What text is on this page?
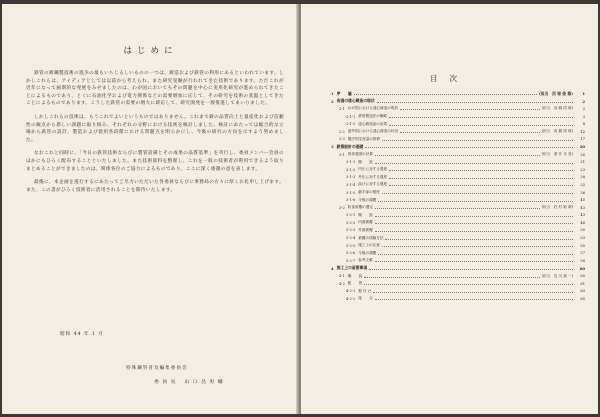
はじめに

鉄管の鋳鋼製技術の進歩の最もいちじるしいものの一つは、鋳造および鉄管の利用にあるといわれています。しかしこれらは、アイディアとしては以前から考えられ、また研究実験が行われてきた技術であります。ただこれが近年になって画期的な発展をみせましたのは、わが国においてもその問題を中心に実用化研究が進められてきたことによるものであり、とくに石油化学および電力関係などの需要増加に応じて、その研究を技術の基盤としてきたことによるものであります。こうした鉄管の需要の増大に即応して、研究開発を一層推進してまいりました。

しかしこれらの技術は、もうこれでよいというものではありません。これまで鋳の品質向上と量産化および信頼性の観点から新しい課題に取り組み、それぞれの分野における技術を検討しました。検討にあたっては総合的な立場から鉄管の設計、製造および使用各段階における問題点を明らかにし、今後の研究の方向を示すよう努めました。

なおこれと同時に、「今日の鉄管技術ならびに製管設備とその成果の品質基準」を刊行し、委員メンバー会員のほかにもひろく配布することといたしました。また技術資料を整理し、これを一般の技術者が利用できるよう取りまとめることができましたのは、関係各位のご協力によるものであり、ここに深く感謝の意を表します。

最後に、本企画を遂行するにあたってご尽力いただいた各委員ならびに事務局の方々に厚くお礼申し上げます。また、この書がひろく技術者に活用されることを期待いたします。

昭和 44 年 1 月
特殊鋼管普及編集委員会
委 員 長 山 口 昌 男 輔
目次
1 序　　論	(担当　西 堀 俊 雄)	1
2 各国の遠心鋳造の現状	2
2-1 わが国における遠心鋳造の現状	(担当　高 橋 国 雄)	2
2-1-1 鉄管製造法の概略	3
2-1-2 遠心鋳造品の品質	8
2-2 諸外国における遠心鋳造の状況	(担当　高 橋 国 雄)	12
2-3 製法別生産量の推移	17
3 鉄管設計の基礎	20
3-1 管体強度の計算	(担当　酒 井 末 喜)	20
3-1-1 概　　説	21
3-1-2 内圧に対する強度	23
3-1-3 外圧に対する強度	28
3-1-4 曲げに対する強度	32
3-1-5 継手部の強度	36
3-1-6 今後の課題	40
3-2 防食被覆の選定	(担当　荘 村 敏 晴)	43
3-2-1 概　　説	43
3-2-2 内面被覆	46
3-2-3 外面被覆	50
3-2-4 被覆の試験方法	53
3-2-5 施工上の注意	55
3-2-6 今後の課題	57
3-2-7 参考文献	58
4 施工上の留意事項	60
4-1 概　　説	(担当　及 川 誠 一)	60
4-2 配　　管	61
4-2-1 据 付 け	63
4-2-2 接　　合	65
